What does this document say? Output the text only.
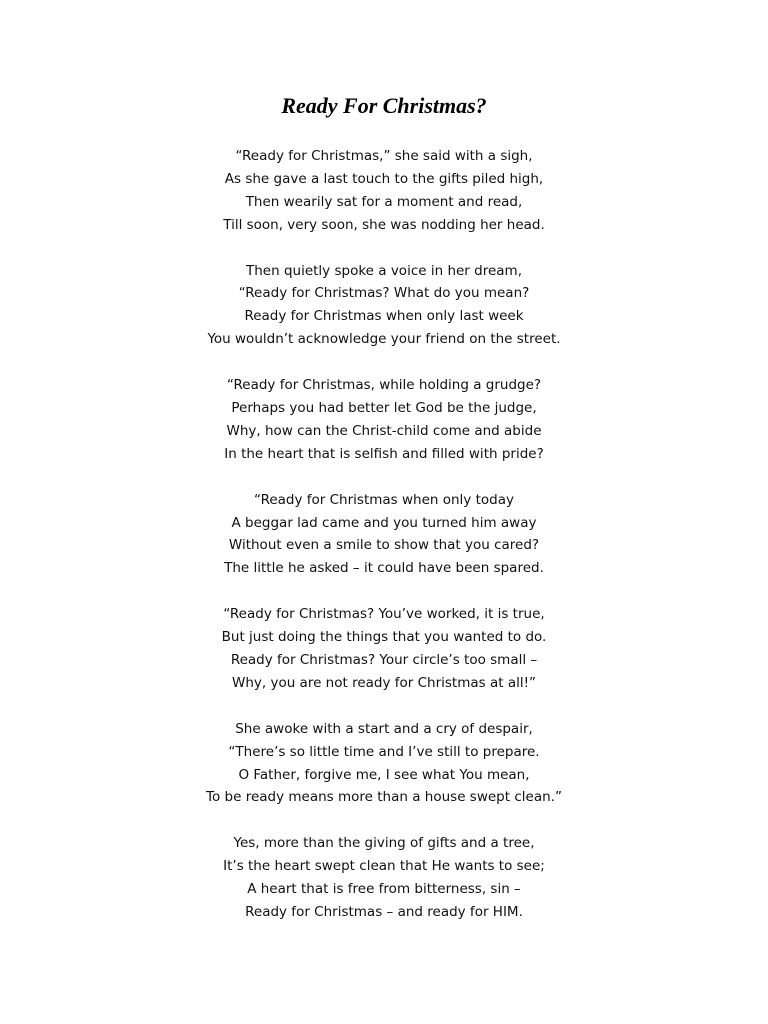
Ready For Christmas?
“Ready for Christmas,” she said with a sigh,
As she gave a last touch to the gifts piled high,
Then wearily sat for a moment and read,
Till soon, very soon, she was nodding her head.
Then quietly spoke a voice in her dream,
“Ready for Christmas? What do you mean?
Ready for Christmas when only last week
You wouldn’t acknowledge your friend on the street.
“Ready for Christmas, while holding a grudge?
Perhaps you had better let God be the judge,
Why, how can the Christ-child come and abide
In the heart that is selfish and filled with pride?
“Ready for Christmas when only today
A beggar lad came and you turned him away
Without even a smile to show that you cared?
The little he asked – it could have been spared.
“Ready for Christmas? You’ve worked, it is true,
But just doing the things that you wanted to do.
Ready for Christmas? Your circle’s too small –
Why, you are not ready for Christmas at all!”
She awoke with a start and a cry of despair,
“There’s so little time and I’ve still to prepare.
O Father, forgive me, I see what You mean,
To be ready means more than a house swept clean.”
Yes, more than the giving of gifts and a tree,
It’s the heart swept clean that He wants to see;
A heart that is free from bitterness, sin –
Ready for Christmas – and ready for HIM.
